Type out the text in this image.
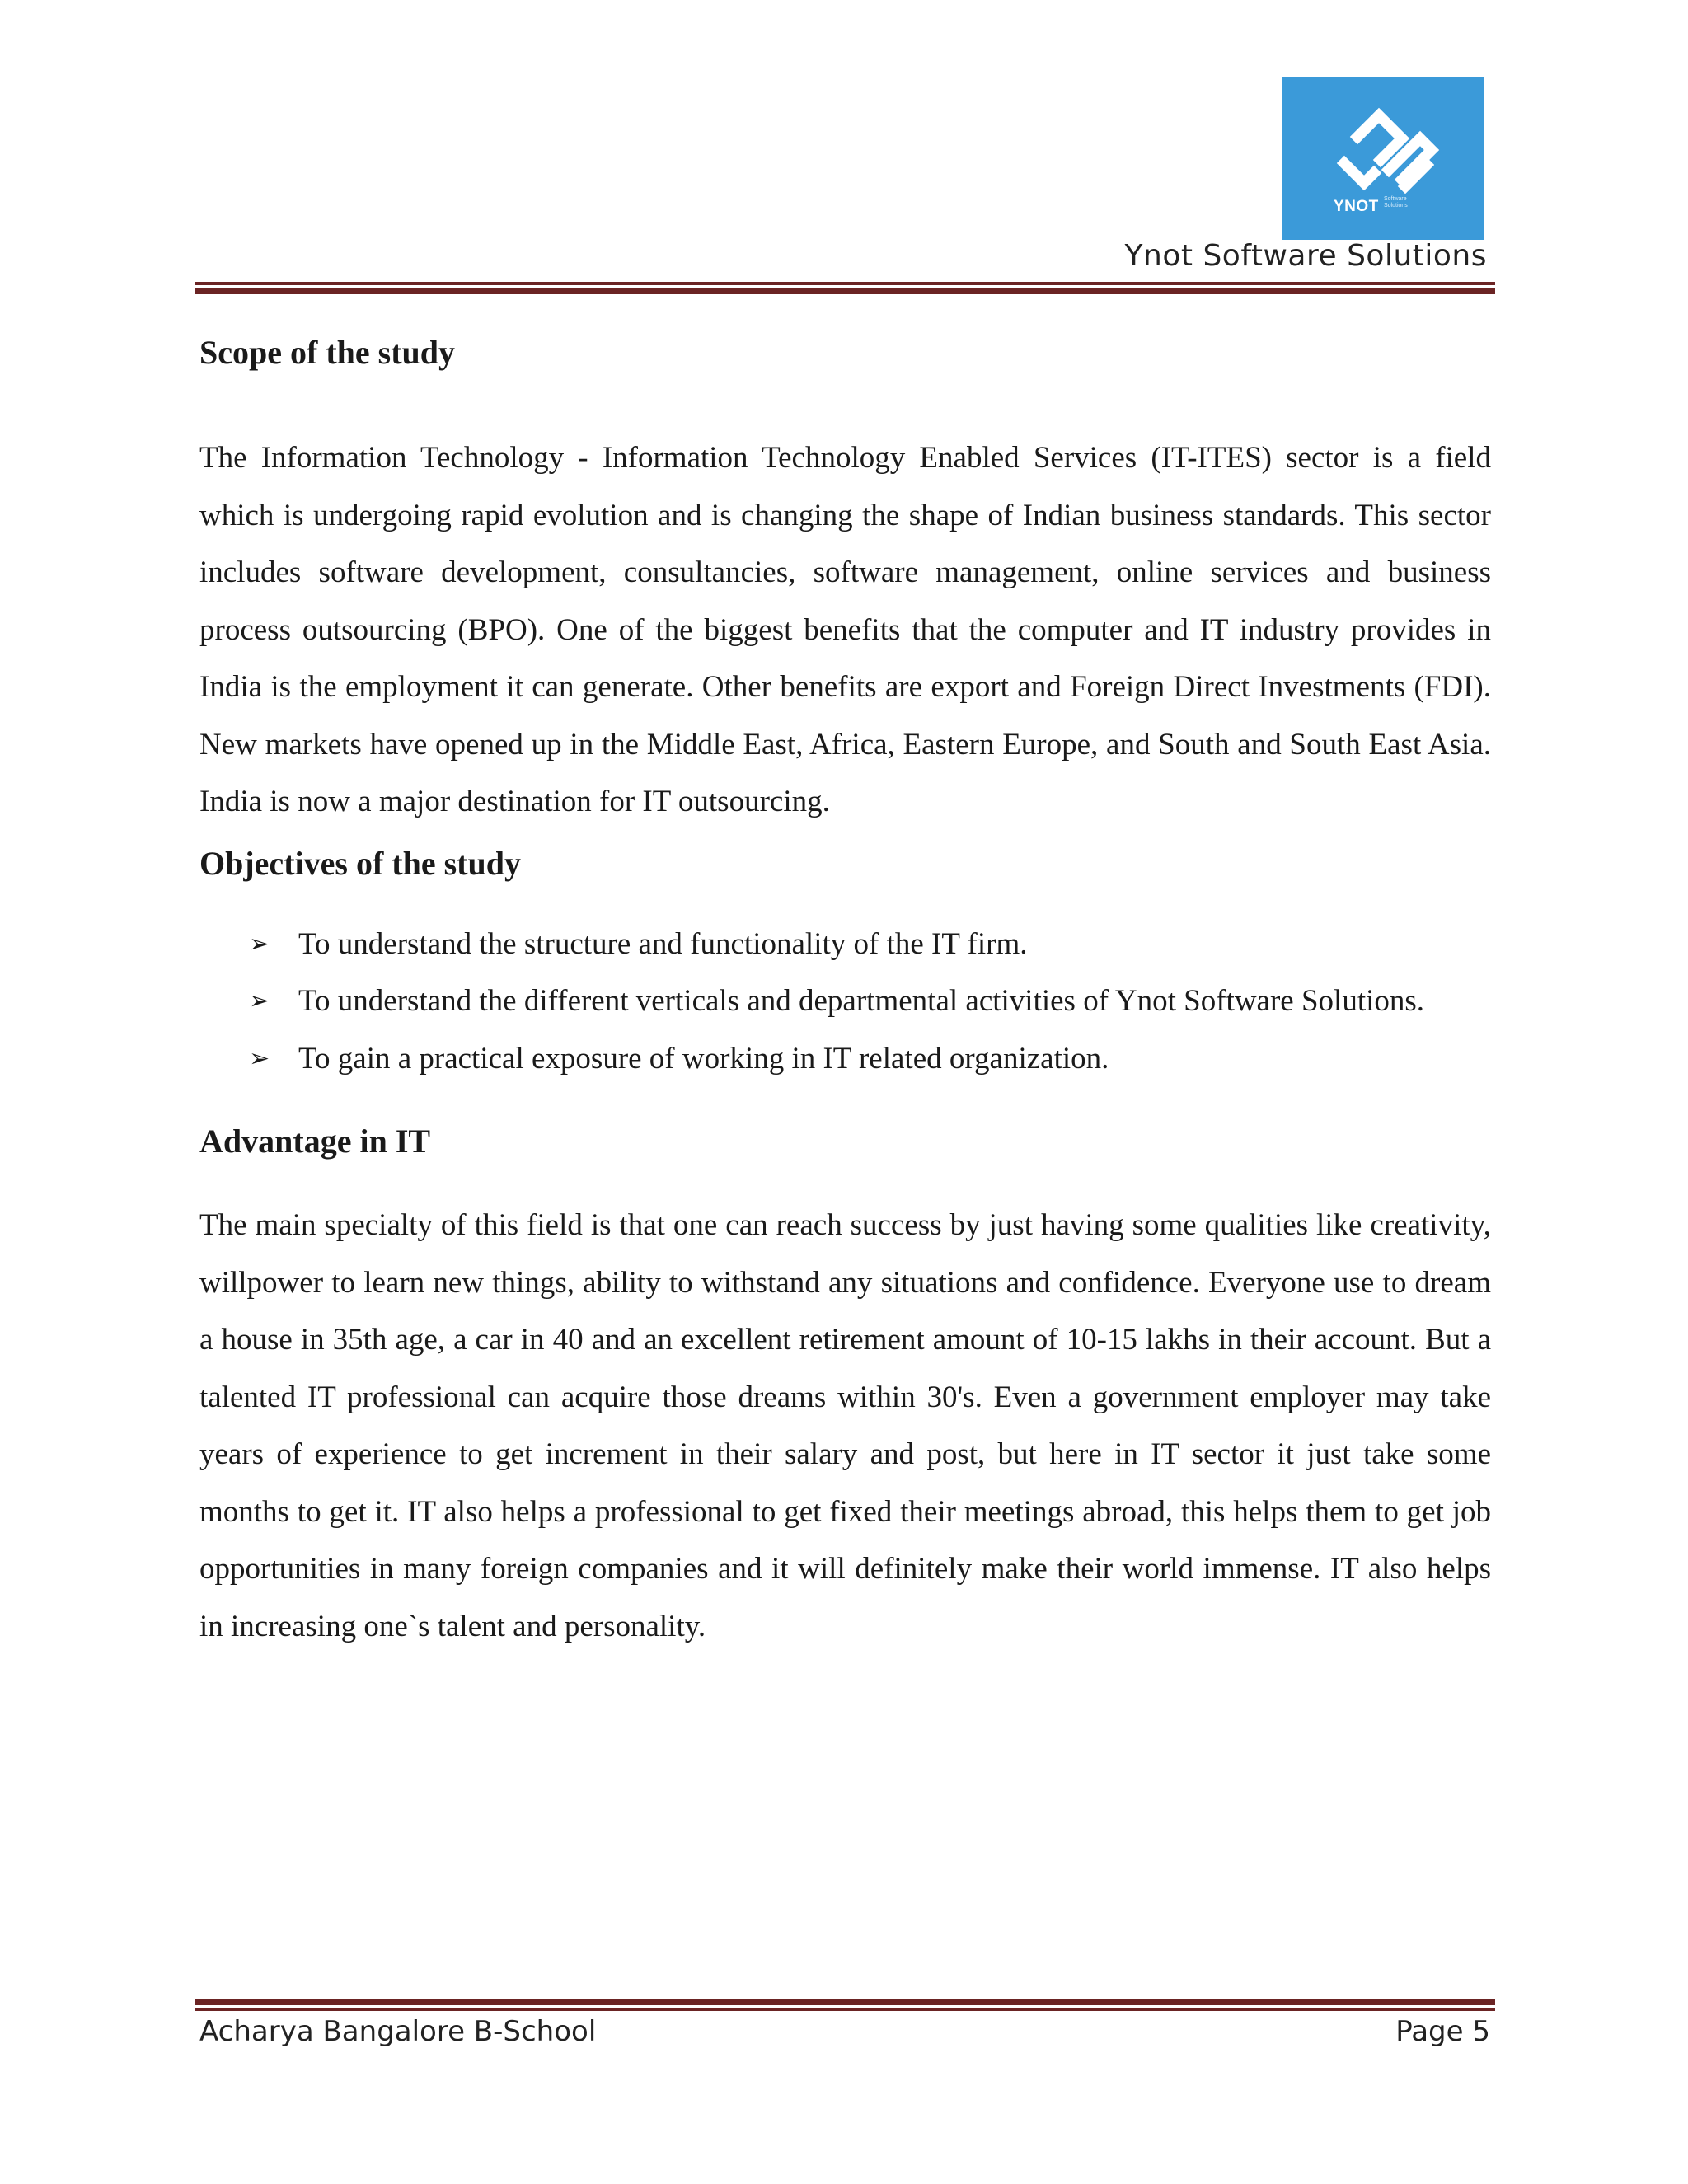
YNOT Software Solutions
Ynot Software Solutions
Scope of the study

The Information Technology - Information Technology Enabled Services (IT-ITES) sector is a field which is undergoing rapid evolution and is changing the shape of Indian business standards. This sector includes software development, consultancies, software management, online services and business process outsourcing (BPO). One of the biggest benefits that the computer and IT industry provides in India is the employment it can generate. Other benefits are export and Foreign Direct Investments (FDI). New markets have opened up in the Middle East, Africa, Eastern Europe, and South and South East Asia. India is now a major destination for IT outsourcing.

Objectives of the study
➢ To understand the structure and functionality of the IT firm.
➢ To understand the different verticals and departmental activities of Ynot Software Solutions.
➢ To gain a practical exposure of working in IT related organization.
Advantage in IT

The main specialty of this field is that one can reach success by just having some qualities like creativity, willpower to learn new things, ability to withstand any situations and confidence. Everyone use to dream a house in 35th age, a car in 40 and an excellent retirement amount of 10-15 lakhs in their account. But a talented IT professional can acquire those dreams within 30's. Even a government employer may take years of experience to get increment in their salary and post, but here in IT sector it just take some months to get it. IT also helps a professional to get fixed their meetings abroad, this helps them to get job opportunities in many foreign companies and it will definitely make their world immense. IT also helps in increasing one`s talent and personality.

Acharya Bangalore B-School	Page 5
